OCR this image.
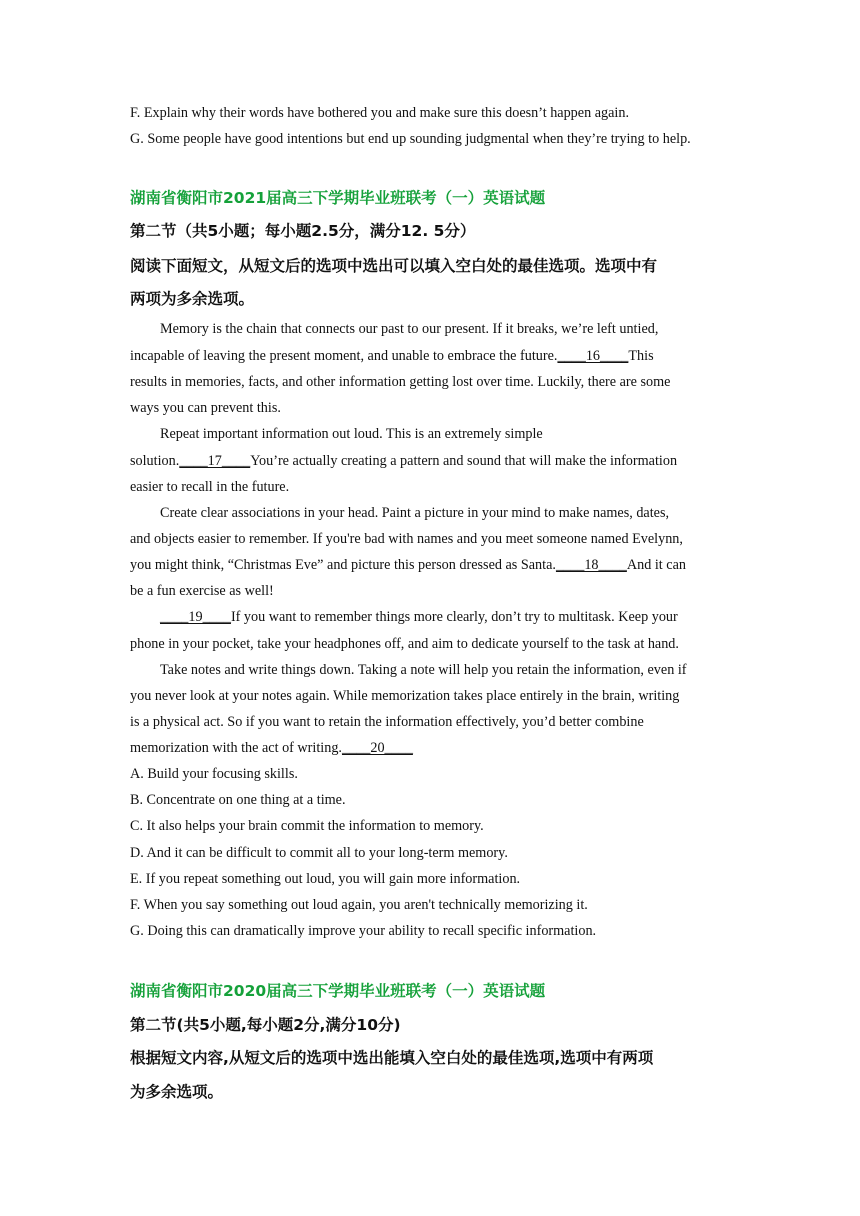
F. Explain why their words have bothered you and make sure this doesn’t happen again.
G. Some people have good intentions but end up sounding judgmental when they’re trying to help.
湖南省衡阳市2021届高三下学期毕业班联考（一）英语试题
第二节（共5小题；每小题2.5分，满分12. 5分）
阅读下面短文，从短文后的选项中选出可以填入空白处的最佳选项。选项中有
两项为多余选项。
Memory is the chain that connects our past to our present. If it breaks, we’re left untied,
incapable of leaving the present moment, and unable to embrace the future.____16____This
results in memories, facts, and other information getting lost over time. Luckily, there are some
ways you can prevent this.
Repeat important information out loud. This is an extremely simple
solution.____17____You’re actually creating a pattern and sound that will make the information
easier to recall in the future.
Create clear associations in your head. Paint a picture in your mind to make names, dates,
and objects easier to remember. If you're bad with names and you meet someone named Evelynn,
you might think, “Christmas Eve” and picture this person dressed as Santa.____18____And it can
be a fun exercise as well!
____19____If you want to remember things more clearly, don’t try to multitask. Keep your
phone in your pocket, take your headphones off, and aim to dedicate yourself to the task at hand.
Take notes and write things down. Taking a note will help you retain the information, even if
you never look at your notes again. While memorization takes place entirely in the brain, writing
is a physical act. So if you want to retain the information effectively, you’d better combine
memorization with the act of writing.____20____
A. Build your focusing skills.
B. Concentrate on one thing at a time.
C. It also helps your brain commit the information to memory.
D. And it can be difficult to commit all to your long-term memory.
E. If you repeat something out loud, you will gain more information.
F. When you say something out loud again, you aren't technically memorizing it.
G. Doing this can dramatically improve your ability to recall specific information.
湖南省衡阳市2020届高三下学期毕业班联考（一）英语试题
第二节(共5小题,每小题2分,满分10分)
根据短文内容,从短文后的选项中选出能填入空白处的最佳选项,选项中有两项
为多余选项。
